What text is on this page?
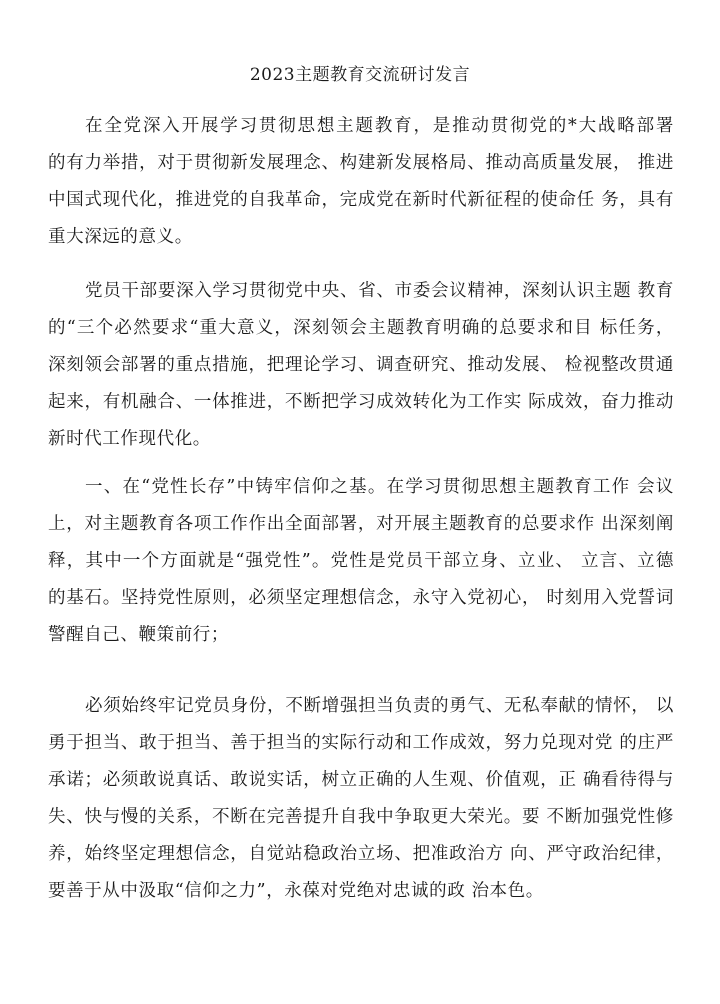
2023主题教育交流研讨发言
在全党深入开展学习贯彻思想主题教育，是推动贯彻党的*大战略部署
的有力举措，对于贯彻新发展理念、构建新发展格局、推动高质量发展， 推进
中国式现代化，推进党的自我革命，完成党在新时代新征程的使命任 务，具有
重大深远的意义。
党员干部要深入学习贯彻党中央、省、市委会议精神，深刻认识主题 教育
的“三个必然要求“重大意义，深刻领会主题教育明确的总要求和目 标任务，
深刻领会部署的重点措施，把理论学习、调查研究、推动发展、 检视整改贯通
起来，有机融合、一体推进，不断把学习成效转化为工作实 际成效，奋力推动
新时代工作现代化。
一、在“党性长存”中铸牢信仰之基。在学习贯彻思想主题教育工作 会议
上，对主题教育各项工作作出全面部署，对开展主题教育的总要求作 出深刻阐
释，其中一个方面就是“强党性”。党性是党员干部立身、立业、 立言、立德
的基石。坚持党性原则，必须坚定理想信念，永守入党初心， 时刻用入党誓词
警醒自己、鞭策前行；
必须始终牢记党员身份，不断增强担当负责的勇气、无私奉献的情怀， 以
勇于担当、敢于担当、善于担当的实际行动和工作成效，努力兑现对党 的庄严
承诺；必须敢说真话、敢说实话，树立正确的人生观、价值观，正 确看待得与
失、快与慢的关系，不断在完善提升自我中争取更大荣光。要 不断加强党性修
养，始终坚定理想信念，自觉站稳政治立场、把准政治方 向、严守政治纪律，
要善于从中汲取“信仰之力”，永葆对党绝对忠诚的政 治本色。
